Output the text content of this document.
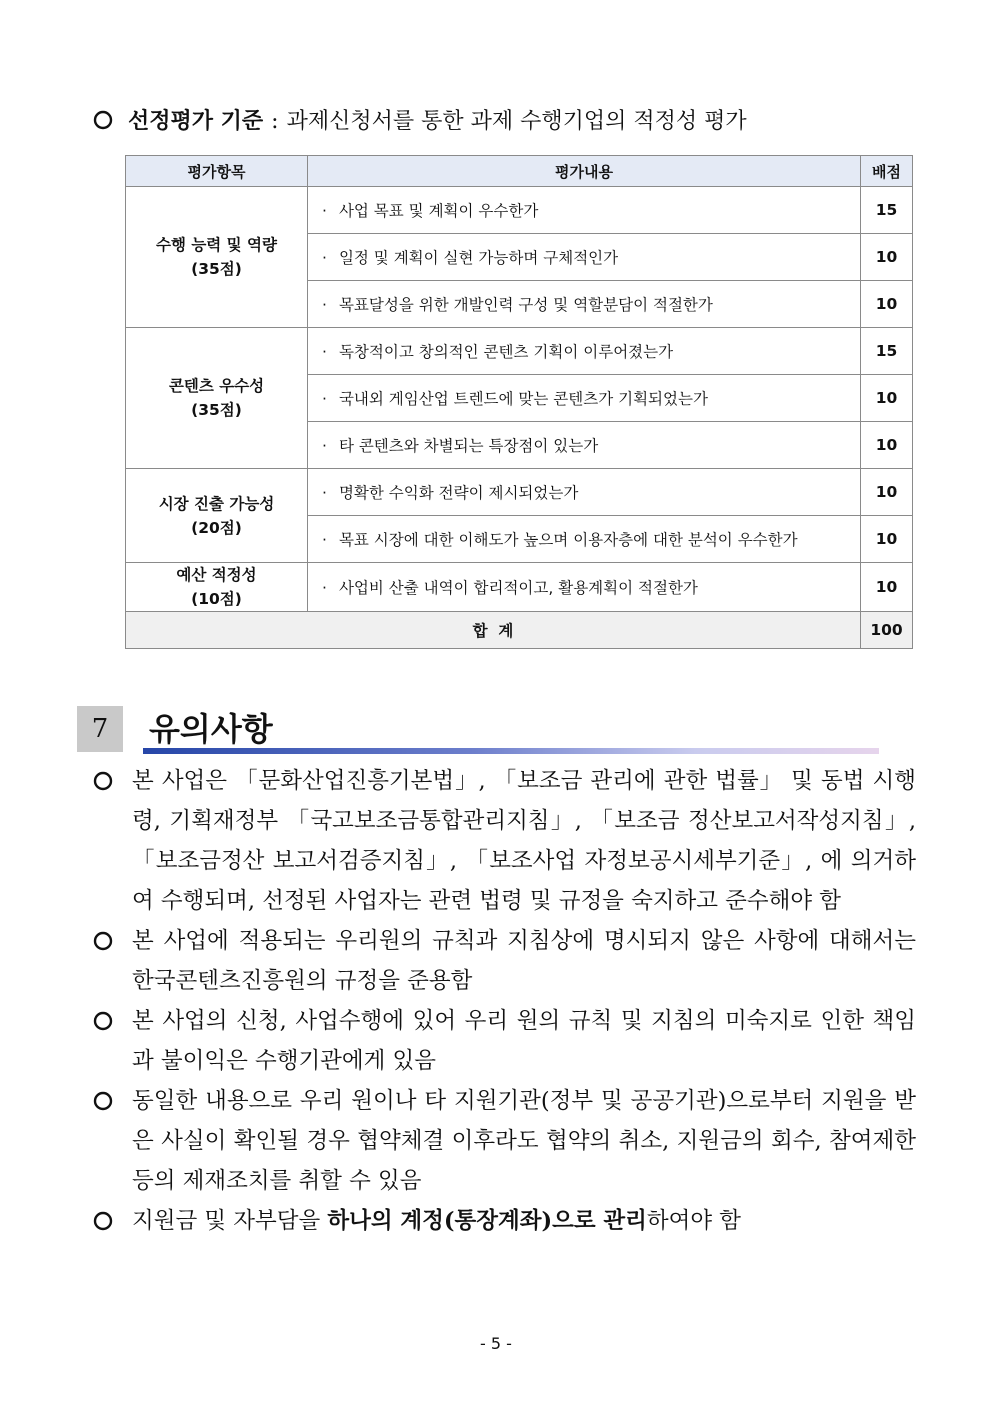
선정평가 기준 : 과제신청서를 통한 과제 수행기업의 적정성 평가
평가항목	평가내용	배점

수행 능력 및 역량
(35점)	· 사업 목표 및 계획이 우수한가	15
	· 일정 및 계획이 실현 가능하며 구체적인가	10
	· 목표달성을 위한 개발인력 구성 및 역할분담이 적절한가	10

콘텐츠 우수성
(35점)	· 독창적이고 창의적인 콘텐츠 기획이 이루어졌는가	15
	· 국내외 게임산업 트렌드에 맞는 콘텐츠가 기획되었는가	10
	· 타 콘텐츠와 차별되는 특장점이 있는가	10

시장 진출 가능성
(20점)	· 명확한 수익화 전략이 제시되었는가	10
	· 목표 시장에 대한 이해도가 높으며 이용자층에 대한 분석이 우수한가	10

예산 적정성
(10점)	· 사업비 산출 내역이 합리적이고, 활용계획이 적절한가	10
합  계		100
7	유의사항

본 사업은 「문화산업진흥기본법」, 「보조금 관리에 관한 법률」 및 동법 시행령, 기획재정부 「국고보조금통합관리지침」, 「보조금 정산보고서작성지침」, 「보조금정산 보고서검증지침」, 「보조사업 자정보공시세부기준」, 에 의거하여 수행되며, 선정된 사업자는 관련 법령 및 규정을 숙지하고 준수해야 함

본 사업에 적용되는 우리원의 규칙과 지침상에 명시되지 않은 사항에 대해서는 한국콘텐츠진흥원의 규정을 준용함

본 사업의 신청, 사업수행에 있어 우리 원의 규칙 및 지침의 미숙지로 인한 책임과 불이익은 수행기관에게 있음

동일한 내용으로 우리 원이나 타 지원기관(정부 및 공공기관)으로부터 지원을 받은 사실이 확인될 경우 협약체결 이후라도 협약의 취소, 지원금의 회수, 참여제한 등의 제재조치를 취할 수 있음

지원금 및 자부담을 하나의 계정(통장계좌)으로 관리하여야 함

- 5 -
